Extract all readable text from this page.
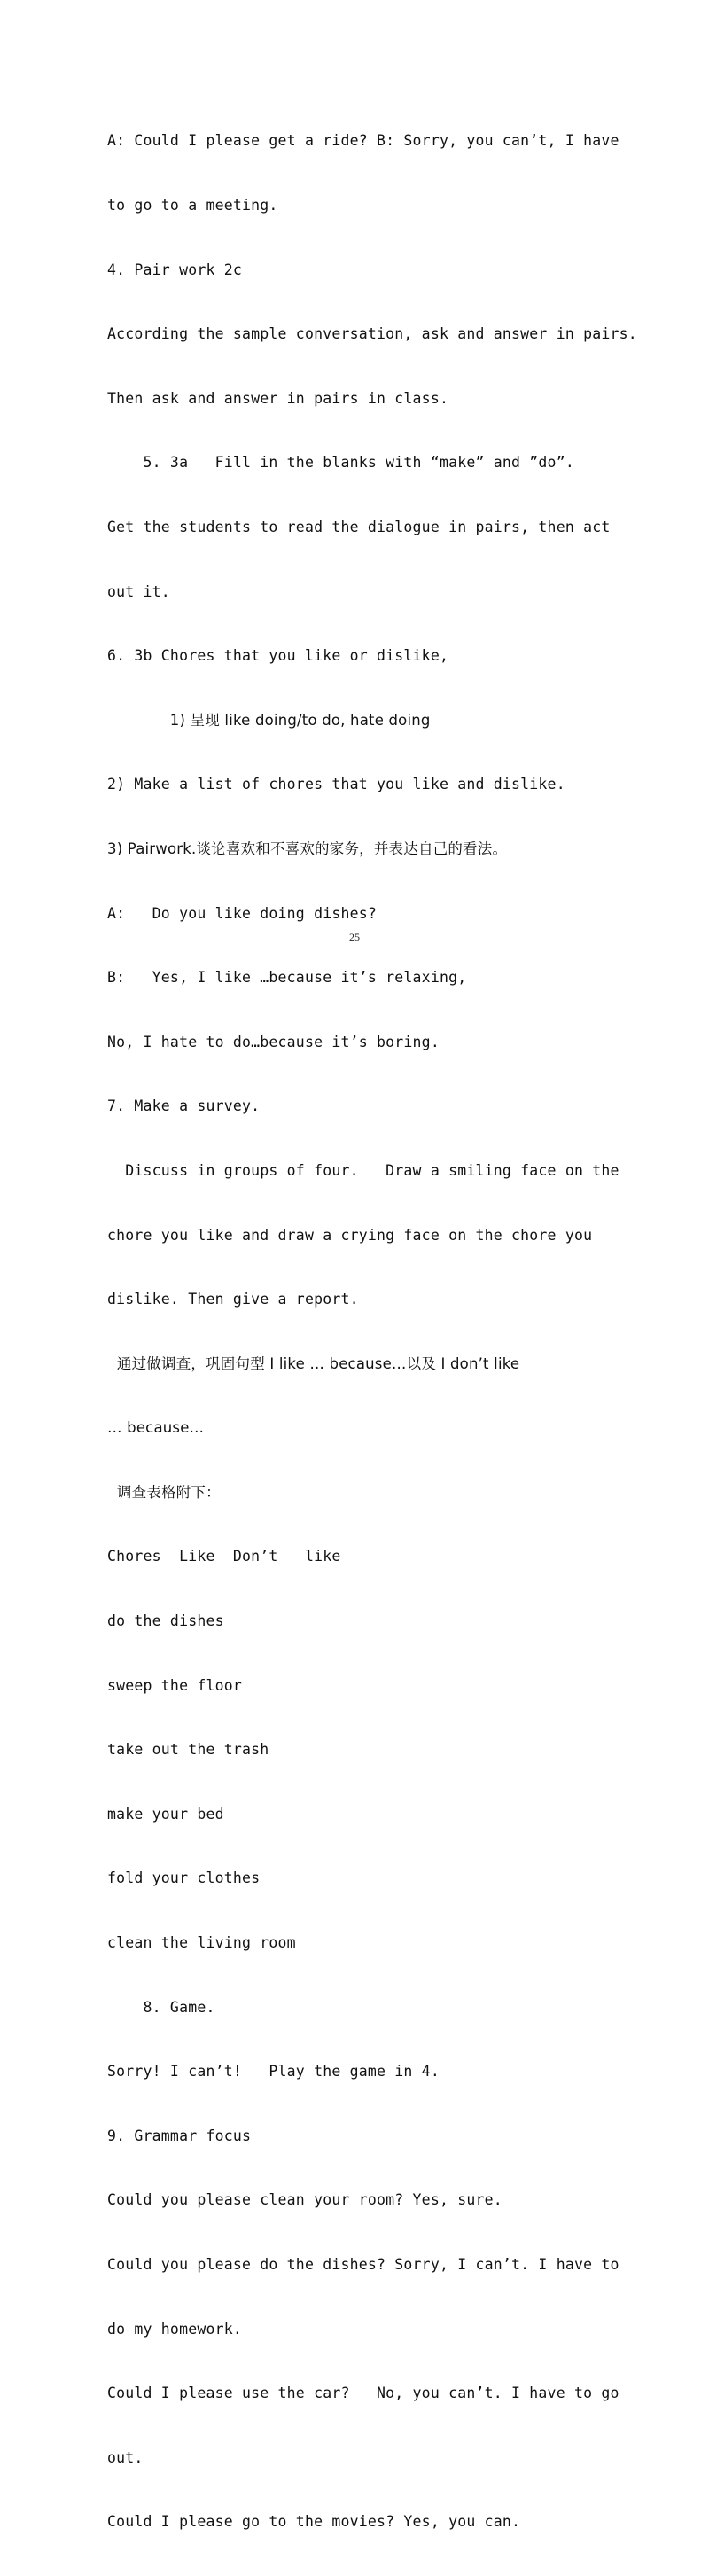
A: Could I please get a ride? B: Sorry, you can’t, I have

to go to a meeting.

4. Pair work 2c

According the sample conversation, ask and answer in pairs.

Then ask and answer in pairs in class.

5. 3a   Fill in the blanks with “make” and ”do”.

Get the students to read the dialogue in pairs, then act

out it.

6. 3b Chores that you like or dislike,

1) 呈现 like doing/to do, hate doing

2) Make a list of chores that you like and dislike.

3) Pairwork.谈论喜欢和不喜欢的家务，并表达自己的看法。

A:   Do you like doing dishes?

B:   Yes, I like …because it’s relaxing,

No, I hate to do…because it’s boring.

7. Make a survey.

Discuss in groups of four.   Draw a smiling face on the

chore you like and draw a crying face on the chore you

dislike. Then give a report.

通过做调查，巩固句型 I like … because…以及 I don’t like

… because…

调查表格附下：

Chores  Like  Don’t   like

do the dishes

sweep the floor

take out the trash

make your bed

fold your clothes

clean the living room

8. Game.

Sorry! I can’t!   Play the game in 4.

9. Grammar focus

Could you please clean your room? Yes, sure.

Could you please do the dishes? Sorry, I can’t. I have to

do my homework.

Could I please use the car?   No, you can’t. I have to go

out.

Could I please go to the movies? Yes, you can.

25
